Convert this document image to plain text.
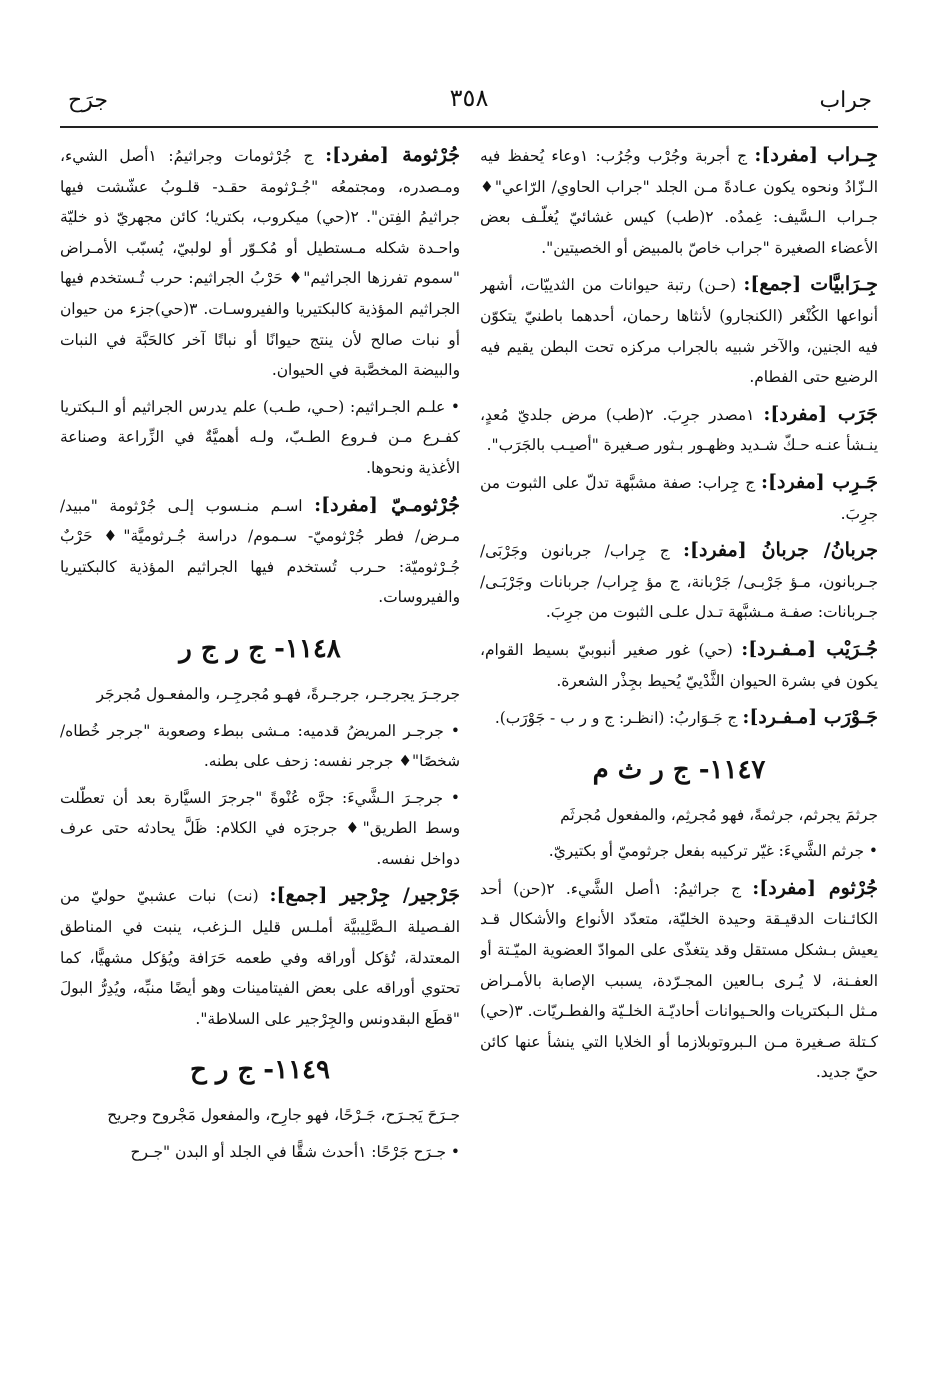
جرَح	٣٥٨	جراب
جِـراب [مفرد]: ج أجربة وجُرْب وجُرُب: ١وعاء يُحفظ فيه الـزّادُ ونحوه يكون عـادةً مـن الجلد "جراب الحاوي/ الرّاعي"♦ جـراب الـسَّيف: غِمدُه. ٢(طب) كيس غشائيّ يُغلّـف بعض الأعضاء الصغيرة "جراب خاصّ بالمبيض أو الخصيتين".
جِـرَابيَّات [جمع]: (حـن) رتبة حيوانات من الثدييّات، أشهر أنواعها الكُنْغر (الكنجارو) لأنثاها رحمان، أحدهما باطنيّ يتكوّن فيه الجنين، والآخر شبيه بالجراب مركزه تحت البطن يقيم فيه الرضيع حتى الفطام.
جَرَب [مفرد]: ١مصدر جرِبَ. ٢(طب) مرض جلديّ مُعدٍ، ينـشأ عنـه حـكّ شـديد وظهـور بـثور صـغيرة "أصيـب بالجَرَب".
جَـرِب [مفرد]: ج جِراب: صفة مشبَّهة تدلّ على الثبوت من جرِبَ.
جربانُ/ جربانُ [مفرد]: ج جِراب/ جربانون وجَرْبَى/ جـربانون، مـؤ جَرْبـى/ جَرْبانة، ج مؤ جِراب/ جربانات وجَرْبَـى/ جـربانات: صفـة مـشبَّهة تـدل علـى الثبوت من جرِبَ.
جُـرَيْب [مـفـرد]: (حي) غور صغير أنبوبيّ بسيط القوام، يكون في بشرة الحيوان الثَّدْييّ يُحيط بجِذْر الشعرة.
جَـوْرَب [مـفـرد]: ج جَـوَاربُ: (انظـر: ج و ر ب - جَوْرَب).
١١٤٧- ج ر ث م
جرثمَ يجرثم، جرثمةً، فهو مُجرثِم، والمفعول مُجرثَم
• جرثم الشَّيءَ: غيّر تركيبه بفعل جرثوميّ أو بكتيريّ.
جُرْثوم [مفرد]: ج جراثيمُ: ١أصل الشَّيء. ٢(حن) أحد الكائـنات الدقيـقة وحيدة الخليّة، متعدّد الأنواع والأشكال قـد يعيش بـشكل مستقل وقد يتغذّى على الموادّ العضوية الميّـتة أو العفـنة، لا يُـرى بـالعين المجـرّدة، يسبب الإصابة بالأمـراض مـثل الـبكتريات والحـيوانات أحاديّـة الخلـيّة والفطـريّات. ٣(حي) كـتلة صـغيرة مـن الـبروتوبلازما أو الخلايا التي ينشأ عنها كائن حيّ جديد.
جُرْثومة [مفرد]: ج جُرْثومات وجراثيمُ: ١أصل الشيء، ومـصدره، ومجتمعُه "جُـرْثومة حقـد- قلـوبُ عشّشت فيها جراثيمُ الفِتن". ٢(حي) ميكروب، بكتريا؛ كائن مجهريّ ذو خليّة واحـدة شكله مـستطيل أو مُكـوّر أو لولبيّ، يُسبّب الأمـراض "سموم تفرزها الجراثيم"♦ حَرْبُ الجراثيم: حرب تُـستخدم فيها الجراثيم المؤذية كالبكتيريا والفيروسـات. ٣(حي)جزء من حيوان أو نبات صالح لأن ينتج حيوانًا أو نباتًا آخر كالحَبَّة في النبات والبيضة المخصَّبة في الحيوان.
• علـم الجـراثيم: (حـي، طـب) علم يدرس الجراثيم أو الـبكتريا كفـرع مـن فـروع الطـبّ، ولـه أهميَّةٌ في الزِّراعة وصناعة الأغذية ونحوها.
جُرْثومـيّ [مفرد]: اسـم منـسوب إلـى جُرْثومة "مبيد/ مـرض/ فطر جُرْثوميّ- سـموم/ دراسة جُـرثوميَّة"♦ حَرْبٌ جُـرْثوميّة: حـرب تُستخدم فيها الجراثيم المؤذية كالبكتيريا والفيروسات.
١١٤٨- ج ر ج ر
جرجـرَ يجرجـر، جرجـرةً، فهـو مُجرجِـر، والمفعـول مُجرجَر
• جرجـر المريضُ قدميه: مـشى ببطء وصعوبة "جرجر خُطاه/ شخصًا"♦ جرجر نفسه: زحف على بطنه.
• جرجـرَ الـشَّيءَ: جرَّه عُنْوةً "جرجرَ السيَّارة بعد أن تعطّلت وسط الطريق"♦ جرجرَه في الكلام: ظَلَّ يحادثه حتى عرف دواخل نفسه.
جَرْجير/ جِرْجير [جمع]: (نت) نبات عشبيّ حوليّ من الفـصيلة الـصَّلِيبيَّة أملـس قليل الـزغب، ينبت في المناطق المعتدلة، تُؤكل أوراقه وفي طعمه حَرَافة ويُؤكل مشهيًّا، كما تحتوي أوراقه على بعض الفيتامينات وهو أيضًا منبِّه، ويُدِرُّ البولَ "قطَع البقدونس والجِرْجير على السلاطة".
١١٤٩- ج ر ح
جـرَحَ يَجـرَح، جَـرْحًا، فهو جارِح، والمفعول مَجْروح وجريح
• جـرَح جَرْحًا: ١أحدث شقًّا في الجلد أو البدن "جـرح
